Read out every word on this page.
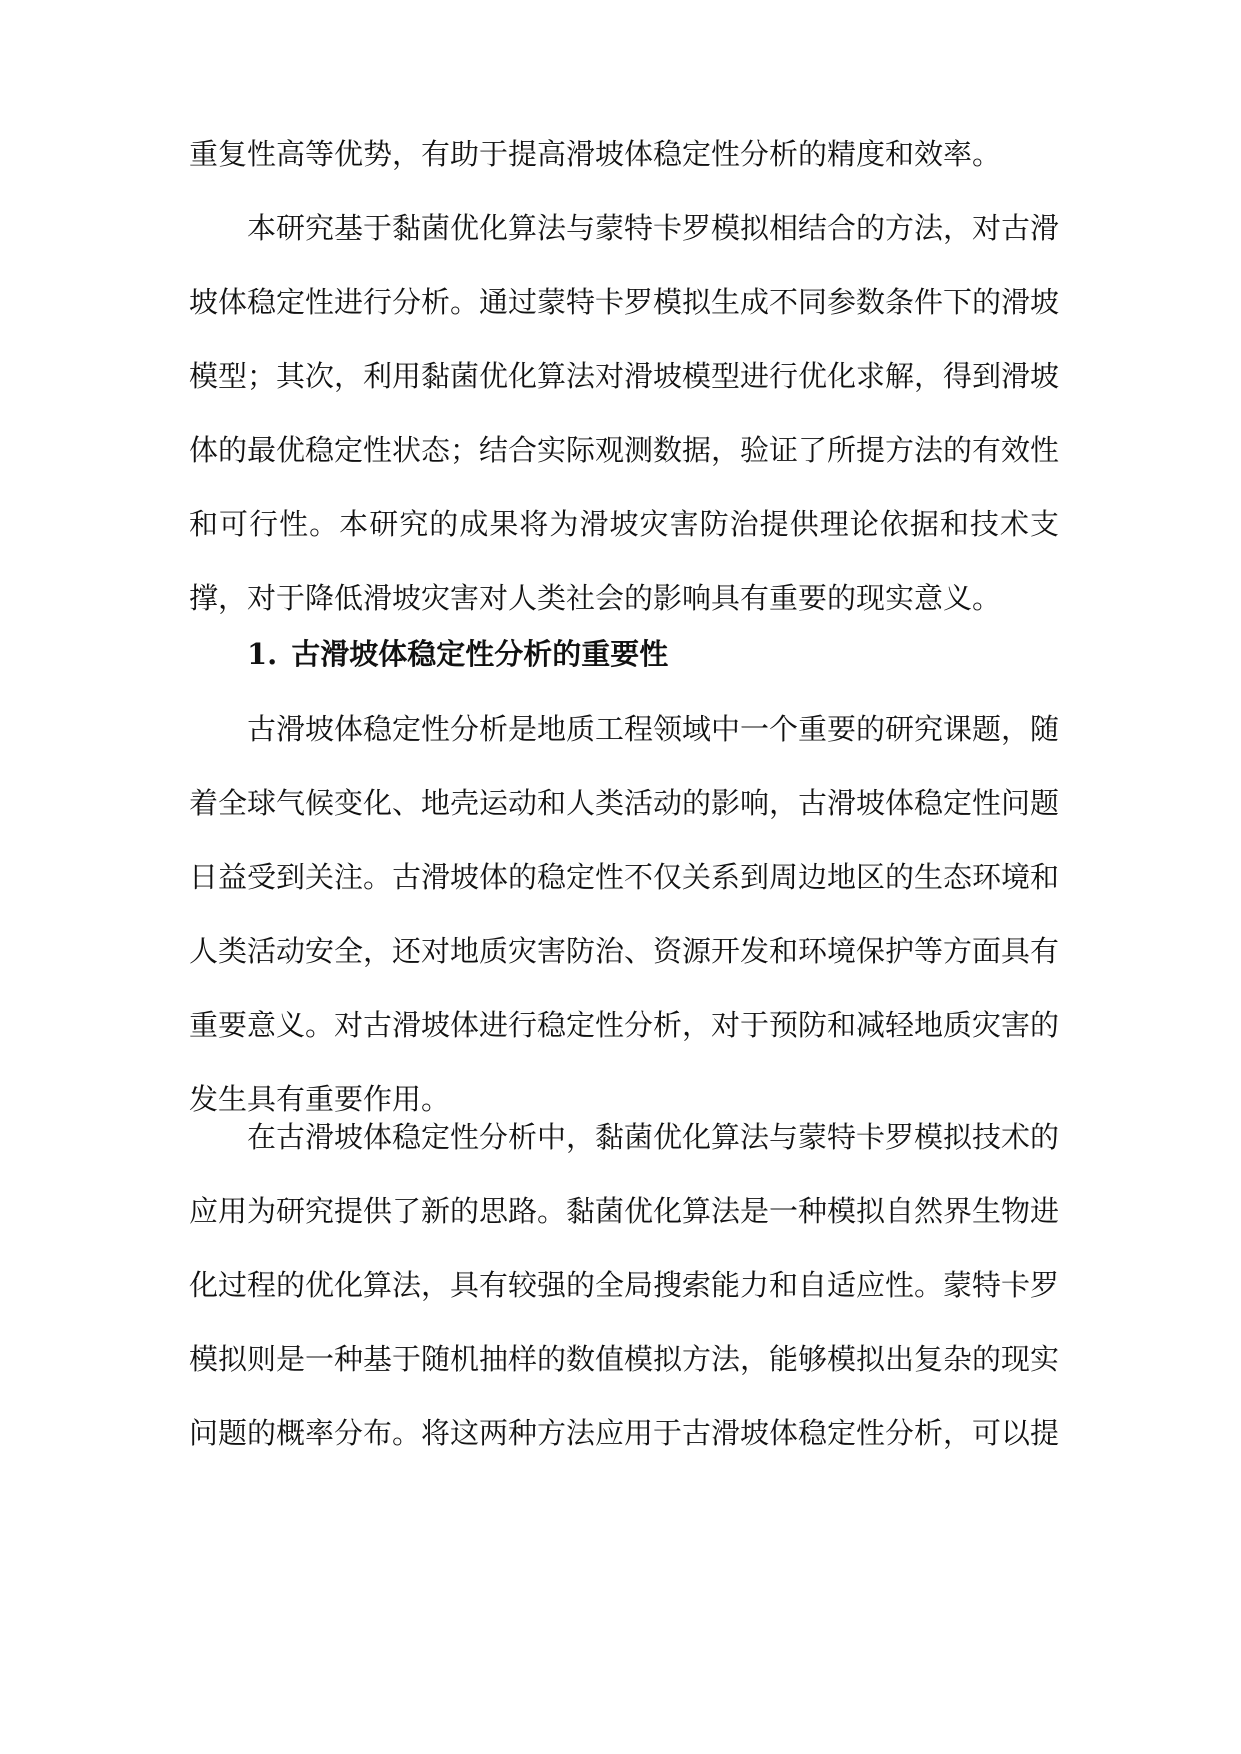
重复性高等优势，有助于提高滑坡体稳定性分析的精度和效率。

本研究基于黏菌优化算法与蒙特卡罗模拟相结合的方法，对古滑坡体稳定性进行分析。通过蒙特卡罗模拟生成不同参数条件下的滑坡模型；其次，利用黏菌优化算法对滑坡模型进行优化求解，得到滑坡体的最优稳定性状态；结合实际观测数据，验证了所提方法的有效性和可行性。本研究的成果将为滑坡灾害防治提供理论依据和技术支撑，对于降低滑坡灾害对人类社会的影响具有重要的现实意义。

1. 古滑坡体稳定性分析的重要性

古滑坡体稳定性分析是地质工程领域中一个重要的研究课题，随着全球气候变化、地壳运动和人类活动的影响，古滑坡体稳定性问题日益受到关注。古滑坡体的稳定性不仅关系到周边地区的生态环境和人类活动安全，还对地质灾害防治、资源开发和环境保护等方面具有重要意义。对古滑坡体进行稳定性分析，对于预防和减轻地质灾害的发生具有重要作用。

在古滑坡体稳定性分析中，黏菌优化算法与蒙特卡罗模拟技术的应用为研究提供了新的思路。黏菌优化算法是一种模拟自然界生物进化过程的优化算法，具有较强的全局搜索能力和自适应性。蒙特卡罗模拟则是一种基于随机抽样的数值模拟方法，能够模拟出复杂的现实问题的概率分布。将这两种方法应用于古滑坡体稳定性分析，可以提
